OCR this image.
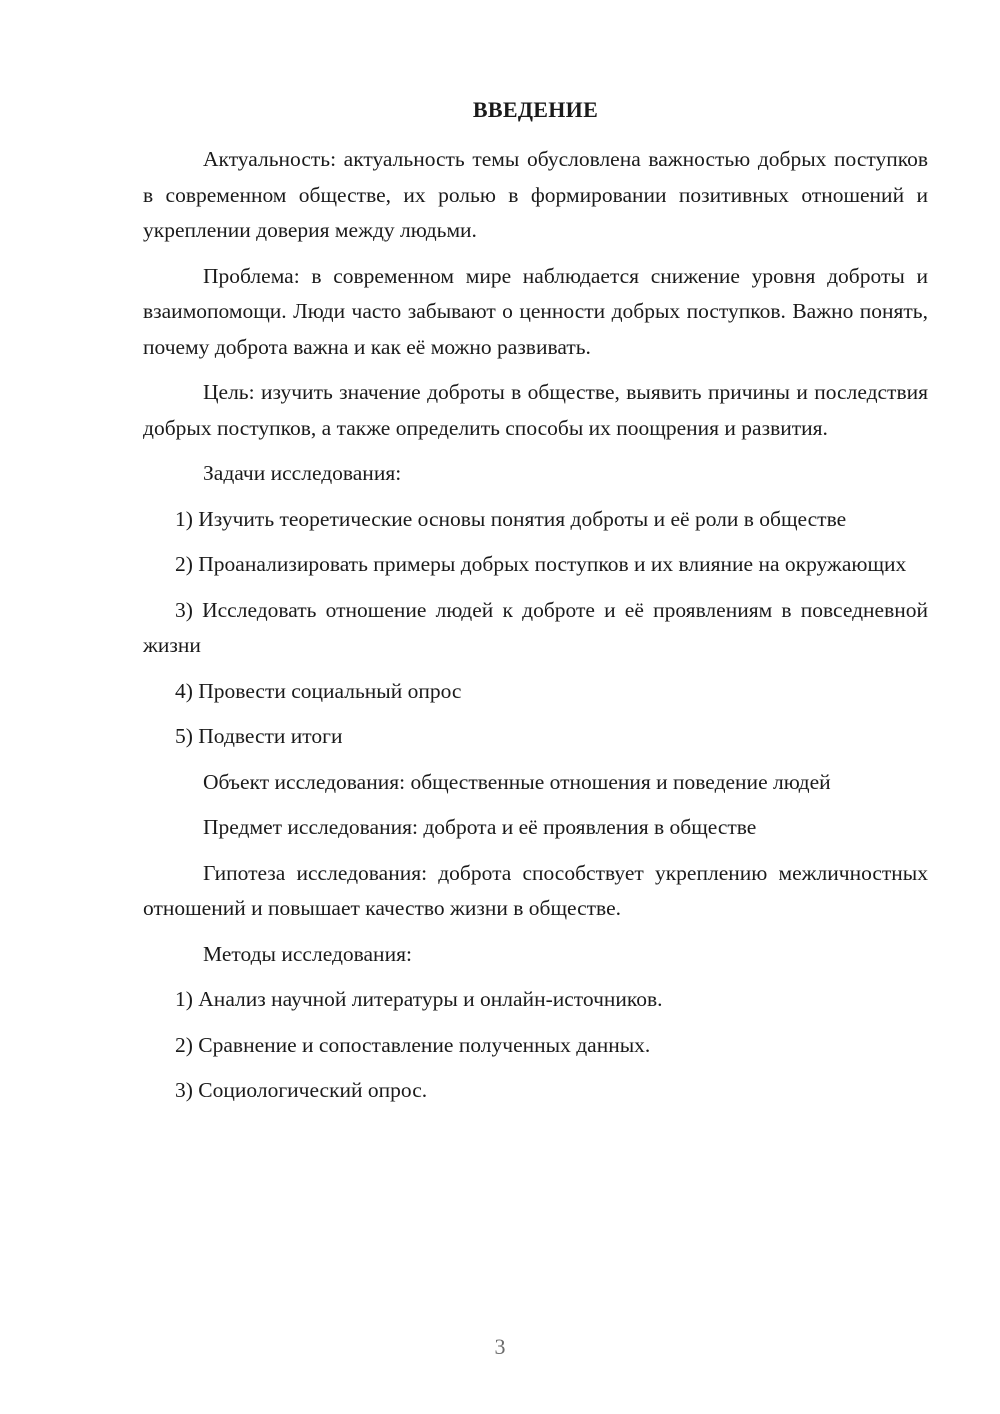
ВВЕДЕНИЕ

Актуальность: актуальность темы обусловлена важностью добрых поступков в современном обществе, их ролью в формировании позитивных отношений и укреплении доверия между людьми.

Проблема: в современном мире наблюдается снижение уровня доброты и взаимопомощи. Люди часто забывают о ценности добрых поступков. Важно понять, почему доброта важна и как её можно развивать.

Цель: изучить значение доброты в обществе, выявить причины и последствия добрых поступков, а также определить способы их поощрения и развития.

Задачи исследования:

1) Изучить теоретические основы понятия доброты и её роли в обществе

2) Проанализировать примеры добрых поступков и их влияние на окружающих

3) Исследовать отношение людей к доброте и её проявлениям в повседневной жизни

4) Провести социальный опрос

5) Подвести итоги

Объект исследования: общественные отношения и поведение людей

Предмет исследования: доброта и её проявления в обществе

Гипотеза исследования: доброта способствует укреплению межличностных отношений и повышает качество жизни в обществе.

Методы исследования:

1) Анализ научной литературы и онлайн-источников.

2) Сравнение и сопоставление полученных данных.

3) Социологический опрос.

3
